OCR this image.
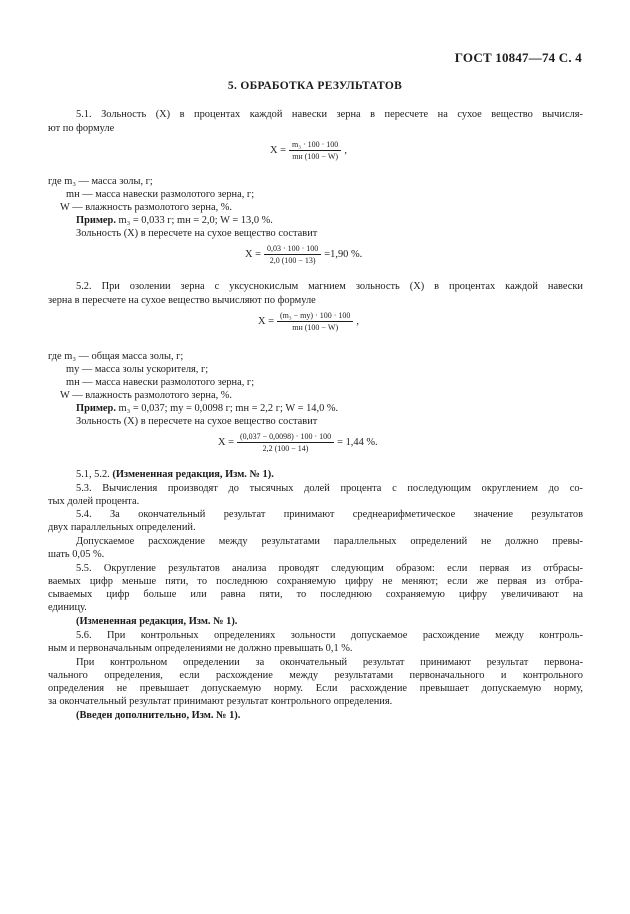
ГОСТ 10847—74 С. 4
5. ОБРАБОТКА РЕЗУЛЬТАТОВ
5.1. Зольность (X) в процентах каждой навески зерна в пересчете на сухое вещество вычисля-
ют по формуле
$X = \frac{\text{m₃ · 100 · 100}}{mн (100 - W)}$ ,
где m₃ — масса золы, г;
mн — масса навески размолотого зерна, г;
W — влажность размолотого зерна, %.
Пример. m₃ = 0,033 г; mн = 2,0; W = 13,0 %.
Зольность (X) в пересчете на сухое вещество составит
$X = \frac{0,03 \cdot 100 \cdot 100}{2,0 (100 - 13)} =1,90$ %.
5.2. При озолении зерна с уксуснокислым магнием зольность (X) в процентах каждой навески
зерна в пересчете на сухое вещество вычисляют по формуле
$X = \frac{\text{(m₃ − mу) · 100 · 100}}{mн (100 - W)}$ ,
где m₃ — общая масса золы, г;
mу — масса золы ускорителя, г;
mн — масса навески размолотого зерна, г;
W — влажность размолотого зерна, %.
Пример. m₃ = 0,037; mу = 0,0098 г; mн = 2,2 г; W = 14,0 %.
Зольность (X) в пересчете на сухое вещество составит
$X = \frac{(0,037 - 0,0098) \cdot 100 \cdot 100}{2,2 (100 - 14)} = 1,44$ %.
5.1, 5.2. (Измененная редакция, Изм. № 1).
5.3. Вычисления производят до тысячных долей процента с последующим округлением до со-
тых долей процента.
5.4. За окончательный результат принимают среднеарифметическое значение результатов
двух параллельных определений.
Допускаемое расхождение между результатами параллельных определений не должно превы-
шать 0,05 %.
5.5. Округление результатов анализа проводят следующим образом: если первая из отбрасы-
ваемых цифр меньше пяти, то последнюю сохраняемую цифру не меняют; если же первая из отбра-
сываемых цифр больше или равна пяти, то последнюю сохраняемую цифру увеличивают на
единицу.
(Измененная редакция, Изм. № 1).
5.6. При контрольных определениях зольности допускаемое расхождение между контроль-
ным и первоначальным определениями не должно превышать 0,1 %.
При контрольном определении за окончательный результат принимают результат первона-
чального определения, если расхождение между результатами первоначального и контрольного
определения не превышает допускаемую норму. Если расхождение превышает допускаемую норму,
за окончательный результат принимают результат контрольного определения.
(Введен дополнительно, Изм. № 1).
